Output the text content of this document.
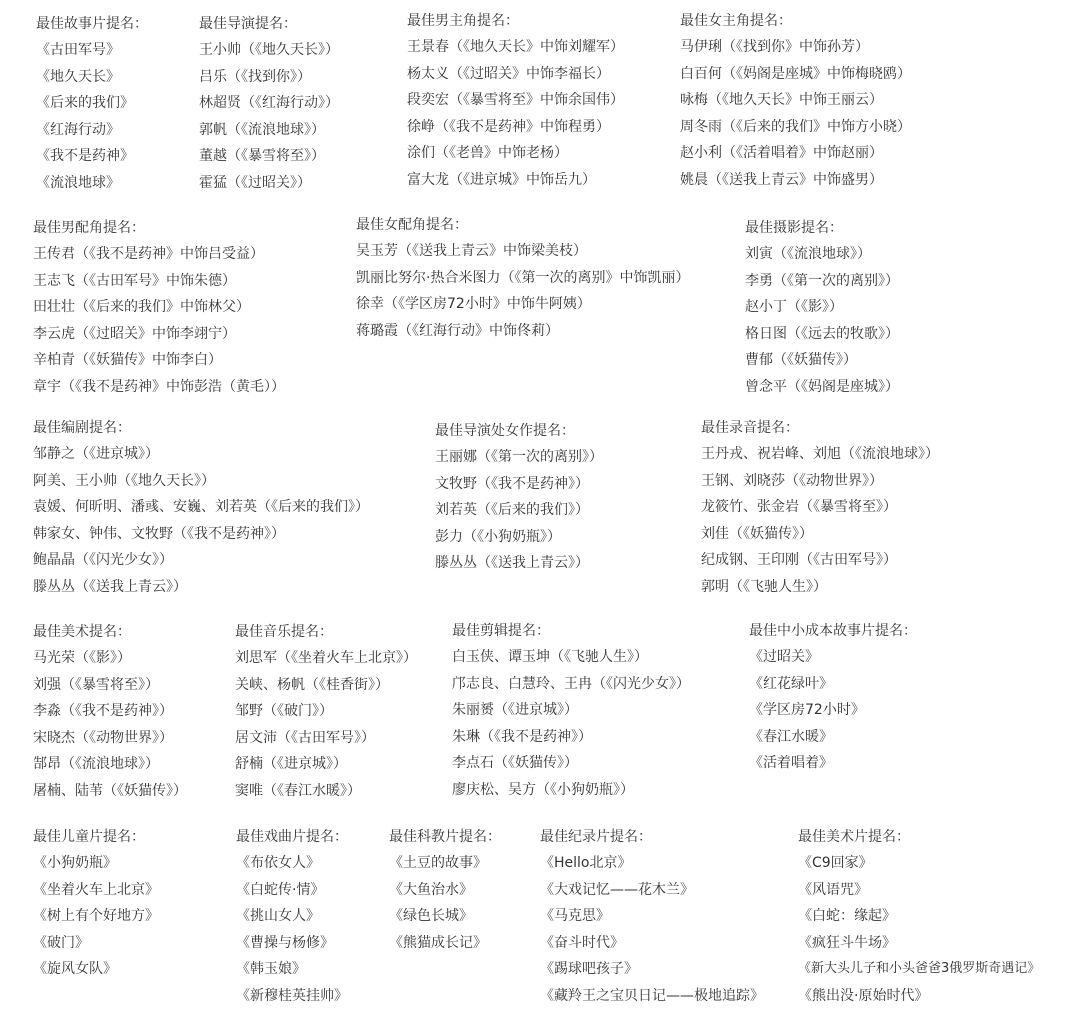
最佳故事片提名：
《古田军号》
《地久天长》
《后来的我们》
《红海行动》
《我不是药神》
《流浪地球》
最佳导演提名：
王小帅（《地久天长》）
吕乐（《找到你》）
林超贤（《红海行动》）
郭帆（《流浪地球》）
董越（《暴雪将至》）
霍猛（《过昭关》）
最佳男主角提名：
王景春（《地久天长》中饰刘耀军）
杨太义（《过昭关》中饰李福长）
段奕宏（《暴雪将至》中饰余国伟）
徐峥（《我不是药神》中饰程勇）
涂们（《老兽》中饰老杨）
富大龙（《进京城》中饰岳九）
最佳女主角提名：
马伊琍（《找到你》中饰孙芳）
白百何（《妈阁是座城》中饰梅晓鸥）
咏梅（《地久天长》中饰王丽云）
周冬雨（《后来的我们》中饰方小晓）
赵小利（《活着唱着》中饰赵丽）
姚晨（《送我上青云》中饰盛男）
最佳男配角提名：
王传君（《我不是药神》中饰吕受益）
王志飞（《古田军号》中饰朱德）
田壮壮（《后来的我们》中饰林父）
李云虎（《过昭关》中饰李翊宁）
辛柏青（《妖猫传》中饰李白）
章宇（《我不是药神》中饰彭浩（黄毛））
最佳女配角提名：
吴玉芳（《送我上青云》中饰梁美枝）
凯丽比努尔·热合米图力（《第一次的离别》中饰凯丽）
徐幸（《学区房72小时》中饰牛阿姨）
蒋璐霞（《红海行动》中饰佟莉）
最佳摄影提名：
刘寅（《流浪地球》）
李勇（《第一次的离别》）
赵小丁（《影》）
格日图（《远去的牧歌》）
曹郁（《妖猫传》）
曾念平（《妈阁是座城》）
最佳编剧提名：
邹静之（《进京城》）
阿美、王小帅（《地久天长》）
袁媛、何昕明、潘彧、安巍、刘若英（《后来的我们》）
韩家女、钟伟、文牧野（《我不是药神》）
鲍晶晶（《闪光少女》）
滕丛丛（《送我上青云》）
最佳导演处女作提名：
王丽娜（《第一次的离别》）
文牧野（《我不是药神》）
刘若英（《后来的我们》）
彭力（《小狗奶瓶》）
滕丛丛（《送我上青云》）
最佳录音提名：
王丹戎、祝岩峰、刘旭（《流浪地球》）
王钢、刘晓莎（《动物世界》）
龙筱竹、张金岩（《暴雪将至》）
刘佳（《妖猫传》）
纪成钢、王印刚（《古田军号》）
郭明（《飞驰人生》）
最佳美术提名：
马光荣（《影》）
刘强（《暴雪将至》）
李淼（《我不是药神》）
宋晓杰（《动物世界》）
郜昂（《流浪地球》）
屠楠、陆苇（《妖猫传》）
最佳音乐提名：
刘思军（《坐着火车上北京》）
关峡、杨帆（《桂香街》）
邹野（《破门》）
居文沛（《古田军号》）
舒楠（《进京城》）
窦唯（《春江水暖》）
最佳剪辑提名：
白玉侠、谭玉坤（《飞驰人生》）
邝志良、白慧玲、王冉（《闪光少女》）
朱丽赟（《进京城》）
朱琳（《我不是药神》）
李点石（《妖猫传》）
廖庆松、吴方（《小狗奶瓶》）
最佳中小成本故事片提名：
《过昭关》
《红花绿叶》
《学区房72小时》
《春江水暖》
《活着唱着》
最佳儿童片提名：
《小狗奶瓶》
《坐着火车上北京》
《树上有个好地方》
《破门》
《旋风女队》
最佳戏曲片提名：
《布依女人》
《白蛇传·情》
《挑山女人》
《曹操与杨修》
《韩玉娘》
《新穆桂英挂帅》
最佳科教片提名：
《土豆的故事》
《大鱼治水》
《绿色长城》
《熊猫成长记》
最佳纪录片提名：
《Hello北京》
《大戏记忆——花木兰》
《马克思》
《奋斗时代》
《踢球吧孩子》
《藏羚王之宝贝日记——极地追踪》
最佳美术片提名：
《C9回家》
《风语咒》
《白蛇：缘起》
《疯狂斗牛场》
《新大头儿子和小头爸爸3俄罗斯奇遇记》
《熊出没·原始时代》
